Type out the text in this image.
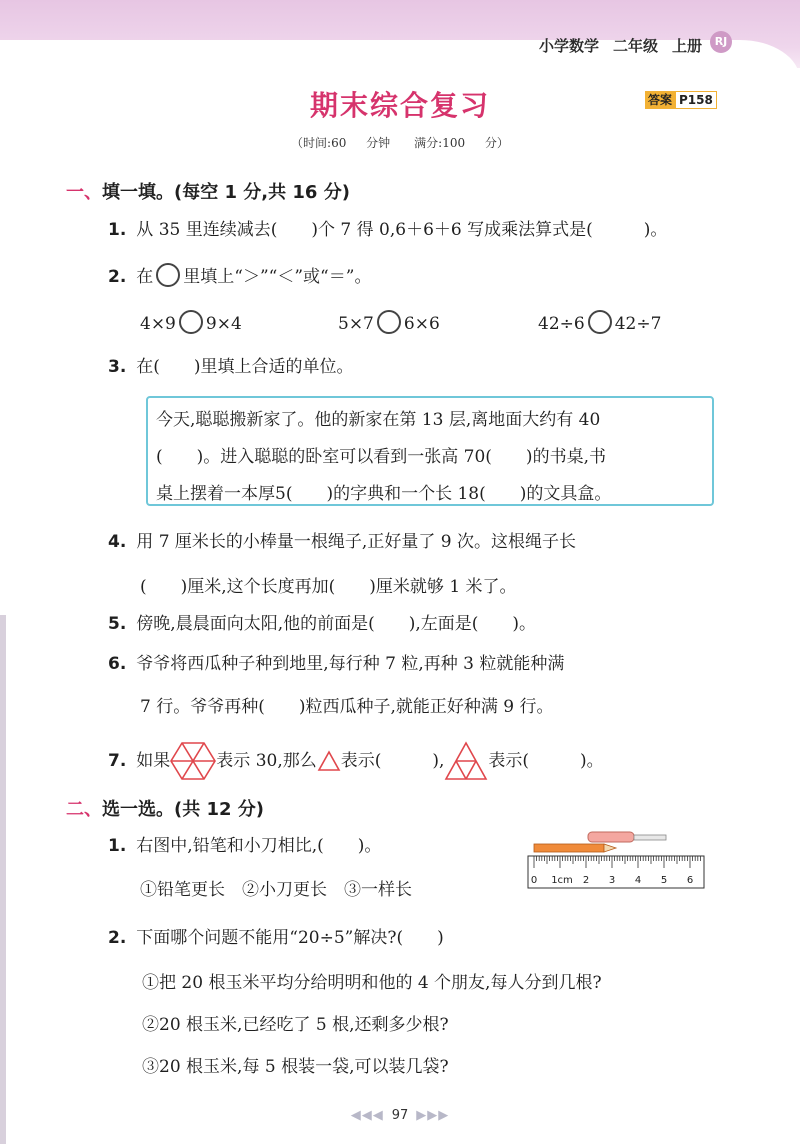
小学数学 二年级 上册	RJ
期末综合复习	答案 P158
（时间:60 分钟　　满分:100 分）
一、填一填。(每空 1 分,共 16 分)
1. 从 35 里连续减去(　　)个 7 得 0,6＋6＋6 写成乘法算式是(　　　)。
2. 在 里填上“＞”“＜”或“＝”。
4×9 9×4	5×7 6×6	42÷6 42÷7
3. 在(　　)里填上合适的单位。
今天,聪聪搬新家了。他的新家在第 13 层,离地面大约有 40
(　　)。进入聪聪的卧室可以看到一张高 70(　　)的书桌,书
桌上摆着一本厚5(　　)的字典和一个长 18(　　)的文具盒。
4. 用 7 厘米长的小棒量一根绳子,正好量了 9 次。这根绳子长
(　　)厘米,这个长度再加(　　)厘米就够 1 米了。
5. 傍晚,晨晨面向太阳,他的前面是(　　),左面是(　　)。
6. 爷爷将西瓜种子种到地里,每行种 7 粒,再种 3 粒就能种满
7 行。爷爷再种(　　)粒西瓜种子,就能正好种满 9 行。
7. 如果	表示 30,那么 表示(　　　),	表示(　　　)。
二、选一选。(共 12 分)
1. 右图中,铅笔和小刀相比,(　　)。
①铅笔更长　②小刀更长　③一样长	0 1cm 2 3 4 5 6
2. 下面哪个问题不能用“20÷5”解决?(　　)
①把 20 根玉米平均分给明明和他的 4 个朋友,每人分到几根?
②20 根玉米,已经吃了 5 根,还剩多少根?
③20 根玉米,每 5 根装一袋,可以装几袋?
◀◀◀ 97 ▶▶▶
